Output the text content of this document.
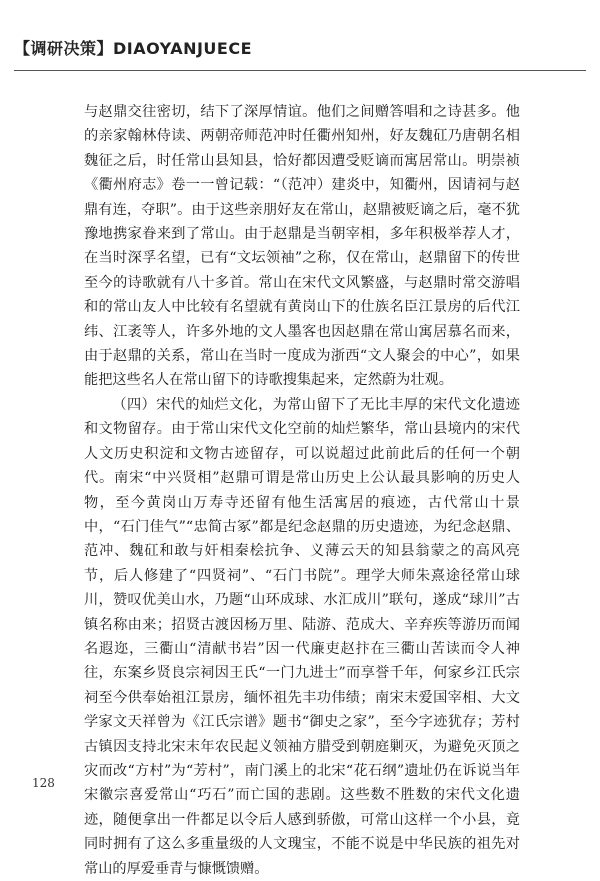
【调研决策】DIAOYANJUECE

与赵鼎交往密切，结下了深厚情谊。他们之间赠答唱和之诗甚多。他的亲家翰林侍读、两朝帝师范冲时任衢州知州，好友魏矼乃唐朝名相魏征之后，时任常山县知县，恰好都因遭受贬谪而寓居常山。明崇祯《衢州府志》卷一一曾记载：“（范冲）建炎中，知衢州，因请祠与赵鼎有连，夺职”。由于这些亲朋好友在常山，赵鼎被贬谪之后，毫不犹豫地携家眷来到了常山。由于赵鼎是当朝宰相，多年积极举荐人才，在当时深孚名望，已有“文坛领袖”之称，仅在常山，赵鼎留下的传世至今的诗歌就有八十多首。常山在宋代文风繁盛，与赵鼎时常交游唱和的常山友人中比较有名望就有黄岗山下的仕族名臣江景房的后代江纬、江袤等人，许多外地的文人墨客也因赵鼎在常山寓居慕名而来，由于赵鼎的关系，常山在当时一度成为浙西“文人聚会的中心”，如果能把这些名人在常山留下的诗歌搜集起来，定然蔚为壮观。

（四）宋代的灿烂文化，为常山留下了无比丰厚的宋代文化遗迹和文物留存。由于常山宋代文化空前的灿烂繁华，常山县境内的宋代人文历史积淀和文物古迹留存，可以说超过此前此后的任何一个朝代。南宋“中兴贤相”赵鼎可谓是常山历史上公认最具影响的历史人物，至今黄岗山万寿寺还留有他生活寓居的痕迹，古代常山十景中，“石门佳气”“忠简古冢”都是纪念赵鼎的历史遗迹，为纪念赵鼎、范冲、魏矼和敢与奸相秦桧抗争、义薄云天的知县翁蒙之的高风亮节，后人修建了“四贤祠”、“石门书院”。理学大师朱熹途径常山球川，赞叹优美山水，乃题“山环成球、水汇成川”联句，遂成“球川”古镇名称由来；招贤古渡因杨万里、陆游、范成大、辛弃疾等游历而闻名遐迩，三衢山“清献书岩”因一代廉吏赵抃在三衢山苦读而令人神往，东案乡贤良宗祠因王氏“一门九进士”而享誉千年，何家乡江氏宗祠至今供奉始祖江景房，缅怀祖先丰功伟绩；南宋末爱国宰相、大文学家文天祥曾为《江氏宗谱》题书“御史之家”，至今字迹犹存；芳村古镇因支持北宋末年农民起义领袖方腊受到朝庭剿灭，为避免灭顶之灾而改“方村”为“芳村”，南门溪上的北宋“花石纲”遗址仍在诉说当年宋徽宗喜爱常山“巧石”而亡国的悲剧。这些数不胜数的宋代文化遗迹，随便拿出一件都足以令后人感到骄傲，可常山这样一个小县，竟同时拥有了这么多重量级的人文瑰宝，不能不说是中华民族的祖先对常山的厚爱垂青与慷慨馈赠。

128
